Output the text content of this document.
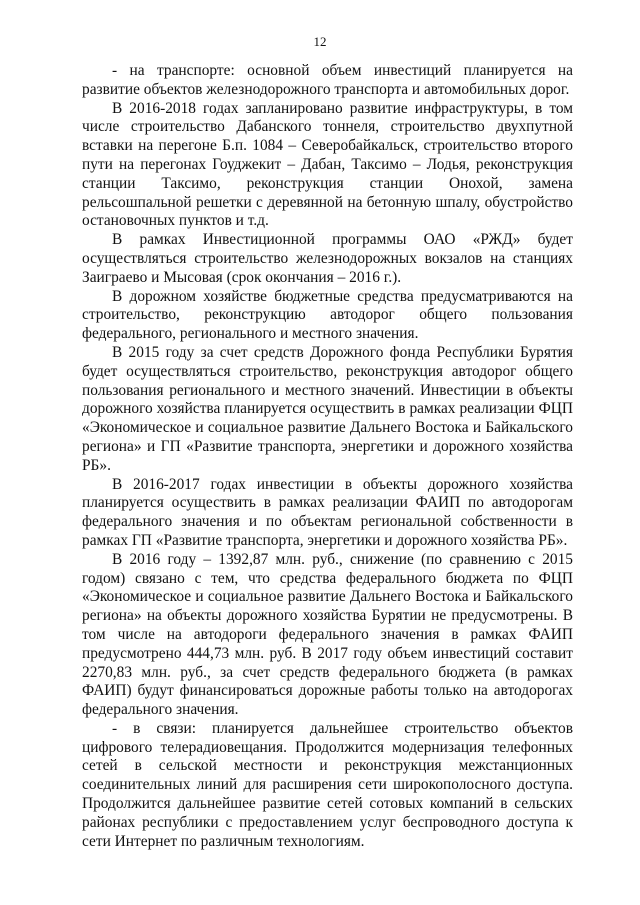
12

- на транспорте: основной объем инвестиций планируется на развитие объектов железнодорожного транспорта и автомобильных дорог.

В 2016-2018 годах запланировано развитие инфраструктуры, в том числе строительство Дабанского тоннеля, строительство двухпутной вставки на перегоне Б.п. 1084 – Северобайкальск, строительство второго пути на перегонах Гоуджекит – Дабан, Таксимо – Лодья, реконструкция станции Таксимо, реконструкция станции Онохой, замена рельсошпальной решетки с деревянной на бетонную шпалу, обустройство остановочных пунктов и т.д.

В рамках Инвестиционной программы ОАО «РЖД» будет осуществляться строительство железнодорожных вокзалов на станциях Заиграево и Мысовая (срок окончания – 2016 г.).

В дорожном хозяйстве бюджетные средства предусматриваются на строительство, реконструкцию автодорог общего пользования федерального, регионального и местного значения.

В 2015 году за счет средств Дорожного фонда Республики Бурятия будет осуществляться строительство, реконструкция автодорог общего пользования регионального и местного значений. Инвестиции в объекты дорожного хозяйства планируется осуществить в рамках реализации ФЦП «Экономическое и социальное развитие Дальнего Востока и Байкальского региона» и ГП «Развитие транспорта, энергетики и дорожного хозяйства РБ».

В 2016-2017 годах инвестиции в объекты дорожного хозяйства планируется осуществить в рамках реализации ФАИП по автодорогам федерального значения и по объектам региональной собственности в рамках ГП «Развитие транспорта, энергетики и дорожного хозяйства РБ».

В 2016 году – 1392,87 млн. руб., снижение (по сравнению с 2015 годом) связано с тем, что средства федерального бюджета по ФЦП «Экономическое и социальное развитие Дальнего Востока и Байкальского региона» на объекты дорожного хозяйства Бурятии не предусмотрены. В том числе на автодороги федерального значения в рамках ФАИП предусмотрено 444,73 млн. руб. В 2017 году объем инвестиций составит 2270,83 млн. руб., за счет средств федерального бюджета (в рамках ФАИП) будут финансироваться дорожные работы только на автодорогах федерального значения.

- в связи: планируется дальнейшее строительство объектов цифрового телерадиовещания. Продолжится модернизация телефонных сетей в сельской местности и реконструкция межстанционных соединительных линий для расширения сети широкополосного доступа. Продолжится дальнейшее развитие сетей сотовых компаний в сельских районах республики с предоставлением услуг беспроводного доступа к сети Интернет по различным технологиям.
